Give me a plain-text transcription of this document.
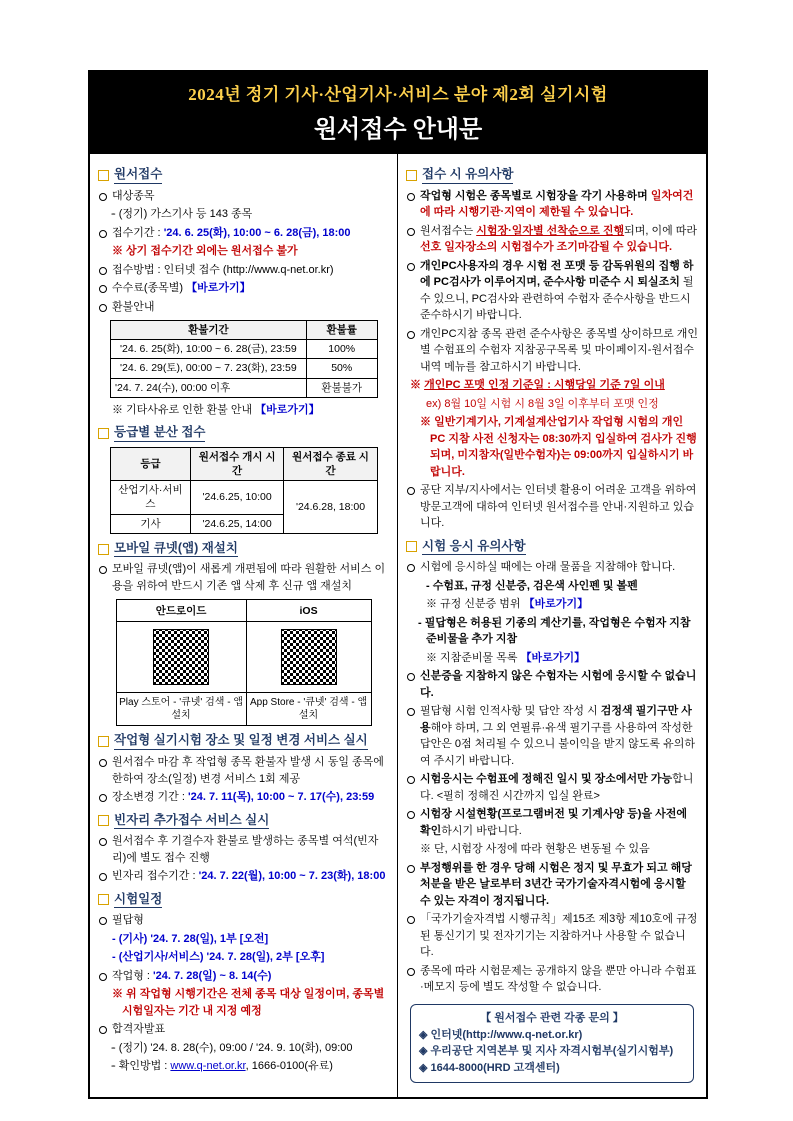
2024년 정기 기사·산업기사·서비스 분야 제2회 실기시험
원서접수 안내문
원서접수
대상종목
- - (정기) 가스기사 등 143 종목
접수기간 : '24. 6. 25(화), 10:00 ~ 6. 28(금), 18:00
※ 상기 접수기간 외에는 원서접수 불가
접수방법 : 인터넷 접수 (http://www.q-net.or.kr)
수수료(종목별) 【바로가기】
환불안내
환불기간	환불률
'24. 6. 25(화), 10:00 ~ 6. 28(금), 23:59	100%
'24. 6. 29(토), 00:00 ~ 7. 23(화), 23:59	50%
'24. 7. 24(수), 00:00 이후	환불불가
※ 기타사유로 인한 환불 안내 【바로가기】
등급별 분산 접수
등급	원서접수 개시 시간	원서접수 종료 시간
산업기사·서비스	'24.6.25, 10:00	'24.6.28, 18:00
기사	'24.6.25, 14:00	
모바일 큐넷(앱) 재설치
모바일 큐넷(앱)이 새롭게 개편됨에 따라 원활한 서비스 이용을 위하여 반드시 기존 앱 삭제 후 신규 앱 재설치
안드로이드	iOS

Play 스토어 - '큐넷' 검색 - 앱설치	App Store - '큐넷' 검색 - 앱설치
작업형 실기시험 장소 및 일정 변경 서비스 실시
원서접수 마감 후 작업형 종목 환불자 발생 시 동일 종목에 한하여 장소(일정) 변경 서비스 1회 제공
장소변경 기간 : '24. 7. 11(목), 10:00 ~ 7. 17(수), 23:59
빈자리 추가접수 서비스 실시
원서접수 후 기결수자 환불로 발생하는 종목별 여석(빈자리)에 별도 접수 진행
빈자리 접수기간 : '24. 7. 22(월), 10:00 ~ 7. 23(화), 18:00
시험일정
필답형
- (기사) '24. 7. 28(일), 1부 [오전]
- (산업기사/서비스) '24. 7. 28(일), 2부 [오후]
작업형 : '24. 7. 28(일) ~ 8. 14(수)
※ 위 작업형 시행기간은 전체 종목 대상 일정이며, 종목별 시험일자는 기간 내 지정 예정
합격자발표
- - (정기) '24. 8. 28(수), 09:00 / '24. 9. 10(화), 09:00
- - 확인방법 : www.q-net.or.kr, 1666-0100(유료)
접수 시 유의사항
작업형 시험은 종목별로 시험장을 각기 사용하며 일차여건에 따라 시행기관·지역이 제한될 수 있습니다.
원서접수는 시험장·일자별 선착순으로 진행되며, 이에 따라 선호 일자장소의 시험접수가 조기마감될 수 있습니다.
개인PC사용자의 경우 시험 전 포맷 등 감독위원의 집행 하에 PC검사가 이루어지며, 준수사항 미준수 시 퇴실조치 될 수 있으니, PC검사와 관련하여 수험자 준수사항을 반드시 준수하시기 바랍니다.
개인PC지참 종목 관련 준수사항은 종목별 상이하므로 개인별 수험표의 수험자 지참공구목록 및 마이페이지-원서접수내역 메뉴를 참고하시기 바랍니다.
※ 개인PC 포맷 인정 기준일 : 시행당일 기준 7일 이내
ex) 8월 10일 시험 시 8월 3일 이후부터 포맷 인정
※ 일반기계기사, 기계설계산업기사 작업형 시험의 개인PC 지참 사전 신청자는 08:30까지 입실하여 검사가 진행되며, 미지참자(일반수험자)는 09:00까지 입실하시기 바랍니다.
공단 지부/지사에서는 인터넷 활용이 어려운 고객을 위하여 방문고객에 대하여 인터넷 원서접수를 안내·지원하고 있습니다.
시험 응시 유의사항
시험에 응시하실 때에는 아래 물품을 지참해야 합니다.
- 수험표, 규정 신분증, 검은색 사인펜 및 볼펜
※ 규정 신분증 범위 【바로가기】
- 필답형은 허용된 기종의 계산기를, 작업형은 수험자 지참준비물을 추가 지참
※ 지참준비물 목록 【바로가기】
신분증을 지참하지 않은 수험자는 시험에 응시할 수 없습니다.
필답형 시험 인적사항 및 답안 작성 시 검정색 필기구만 사용해야 하며, 그 외 연필류·유색 필기구를 사용하여 작성한 답안은 0점 처리될 수 있으니 불이익을 받지 않도록 유의하여 주시기 바랍니다.
시험응시는 수험표에 정해진 일시 및 장소에서만 가능합니다. <필히 정해진 시간까지 입실 완료>
시험장 시설현황(프로그램버전 및 기계사양 등)을 사전에 확인하시기 바랍니다.
※ 단, 시험장 사정에 따라 현황은 변동될 수 있음
부정행위를 한 경우 당해 시험은 정지 및 무효가 되고 해당 처분을 받은 날로부터 3년간 국가기술자격시험에 응시할 수 있는 자격이 정지됩니다.
「국가기술자격법 시행규칙」제15조 제3항 제10호에 규정된 통신기기 및 전자기기는 지참하거나 사용할 수 없습니다.
종목에 따라 시험문제는 공개하지 않을 뿐만 아니라 수험표·메모지 등에 별도 작성할 수 없습니다.
【 원서접수 관련 각종 문의 】
◈ 인터넷(http://www.q-net.or.kr)
◈ 우리공단 지역본부 및 지사 자격시험부(실기시험부)
◈ 1644-8000(HRD 고객센터)
